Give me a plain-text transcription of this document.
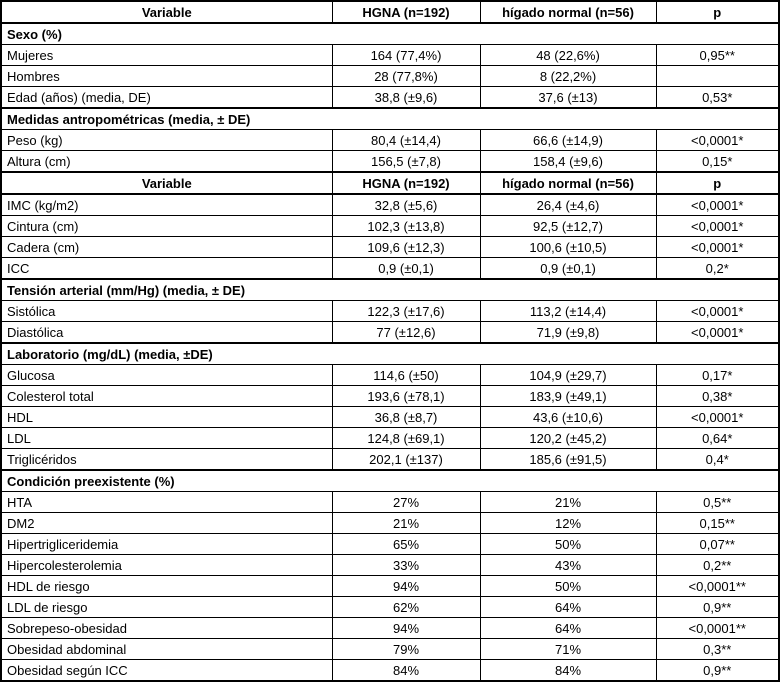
Variable	HGNA (n=192)	hígado normal (n=56)	p
Sexo (%)			
Mujeres	164 (77,4%)	48 (22,6%)	0,95**
Hombres	28 (77,8%)	8 (22,2%)	
Edad (años) (media, DE)	38,8 (±9,6)	37,6 (±13)	0,53*
Medidas antropométricas (media, ± DE)			
Peso (kg)	80,4 (±14,4)	66,6 (±14,9)	<0,0001*
Altura (cm)	156,5 (±7,8)	158,4 (±9,6)	0,15*
Variable	HGNA (n=192)	hígado normal (n=56)	p
IMC (kg/m2)	32,8 (±5,6)	26,4 (±4,6)	<0,0001*
Cintura (cm)	102,3 (±13,8)	92,5 (±12,7)	<0,0001*
Cadera (cm)	109,6 (±12,3)	100,6 (±10,5)	<0,0001*
ICC	0,9 (±0,1)	0,9 (±0,1)	0,2*
Tensión arterial (mm/Hg) (media, ± DE)			
Sistólica	122,3 (±17,6)	113,2 (±14,4)	<0,0001*
Diastólica	77 (±12,6)	71,9 (±9,8)	<0,0001*
Laboratorio (mg/dL) (media, ±DE)			
Glucosa	114,6 (±50)	104,9 (±29,7)	0,17*
Colesterol total	193,6 (±78,1)	183,9 (±49,1)	0,38*
HDL	36,8 (±8,7)	43,6 (±10,6)	<0,0001*
LDL	124,8 (±69,1)	120,2 (±45,2)	0,64*
Triglicéridos	202,1 (±137)	185,6 (±91,5)	0,4*
Condición preexistente (%)			
HTA	27%	21%	0,5**
DM2	21%	12%	0,15**
Hipertrigliceridemia	65%	50%	0,07**
Hipercolesterolemia	33%	43%	0,2**
HDL de riesgo	94%	50%	<0,0001**
LDL de riesgo	62%	64%	0,9**
Sobrepeso-obesidad	94%	64%	<0,0001**
Obesidad abdominal	79%	71%	0,3**
Obesidad según ICC	84%	84%	0,9**
